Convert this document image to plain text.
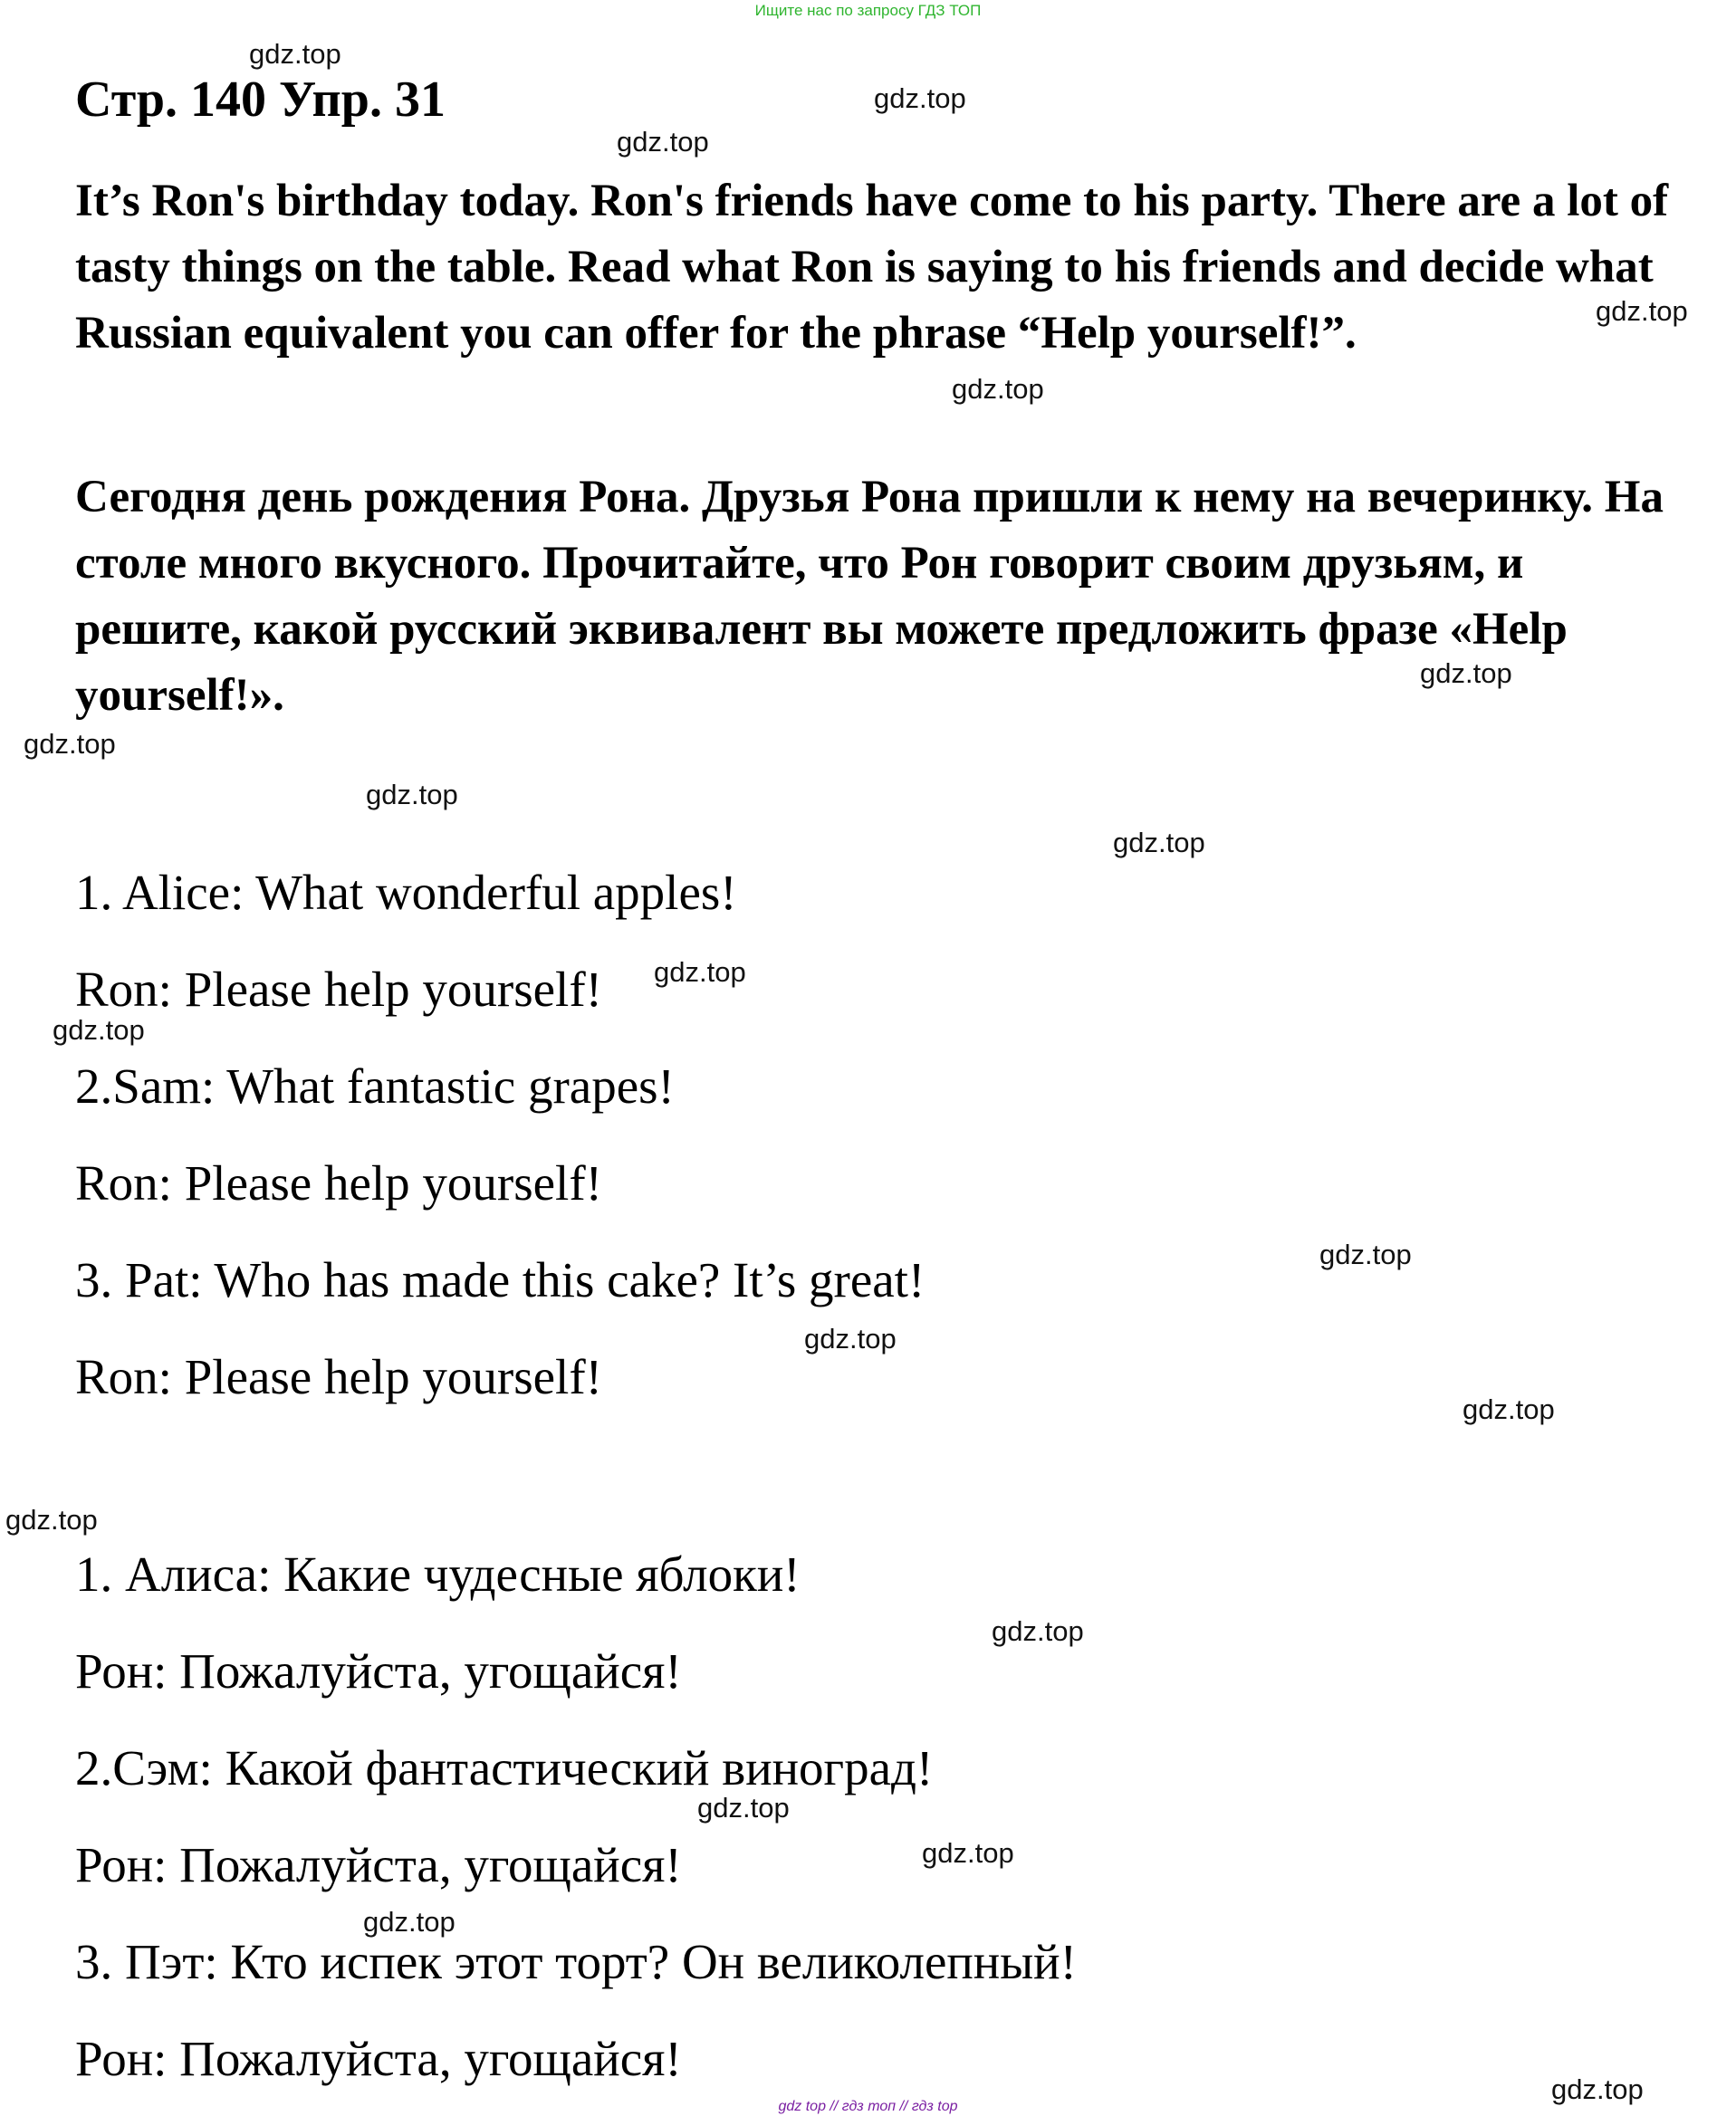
Ищите нас по запросу ГДЗ ТОП
Стр. 140 Упр. 31

It’s Ron's birthday today. Ron's friends have come to his party. There are a lot of tasty things on the table. Read what Ron is saying to his friends and decide what Russian equivalent you can offer for the phrase “Help yourself!”.

Сегодня день рождения Рона. Друзья Рона пришли к нему на вечеринку. На столе много вкусного. Прочитайте, что Рон говорит своим друзьям, и решите, какой русский эквивалент вы можете предложить фразе «Help yourself!».

1. Alice: What wonderful apples!

Ron: Please help yourself!

2.Sam: What fantastic grapes!

Ron: Please help yourself!

3. Pat: Who has made this cake? It’s great!

Ron: Please help yourself!

1. Алиса: Какие чудесные яблоки!

Рон: Пожалуйста, угощайся!

2.Сэм: Какой фантастический виноград!

Рон: Пожалуйста, угощайся!

3. Пэт: Кто испек этот торт? Он великолепный!

Рон: Пожалуйста, угощайся!

gdz.top
gdz.top
gdz.top
gdz.top
gdz.top
gdz.top
gdz.top
gdz.top
gdz.top
gdz.top
gdz.top
gdz.top
gdz.top
gdz.top
gdz.top
gdz.top
gdz.top
gdz.top
gdz.top
gdz.top
gdz top // гдз топ // гдз top
